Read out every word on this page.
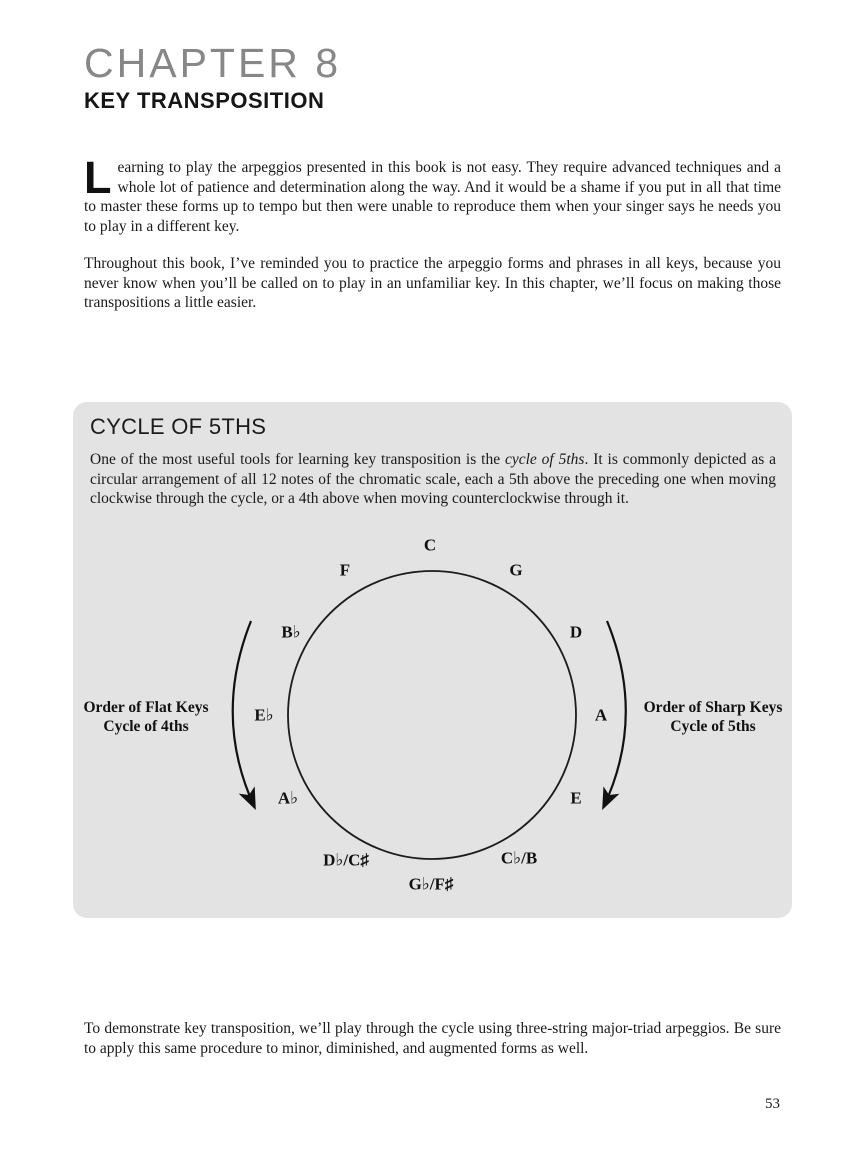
CHAPTER 8
KEY TRANSPOSITION

Learning to play the arpeggios presented in this book is not easy. They require advanced techniques and a whole lot of patience and determination along the way. And it would be a shame if you put in all that time to master these forms up to tempo but then were unable to reproduce them when your singer says he needs you to play in a different key.

Throughout this book, I’ve reminded you to practice the arpeggio forms and phrases in all keys, because you never know when you’ll be called on to play in an unfamiliar key. In this chapter, we’ll focus on making those transpositions a little easier.

CYCLE OF 5THS
One of the most useful tools for learning key transposition is the cycle of 5ths. It is commonly depicted as a circular arrangement of all 12 notes of the chromatic scale, each a 5th above the preceding one when moving clockwise through the cycle, or a 4th above when moving counterclockwise through it.
C
F	G
B♭	D
E♭	A
A♭	E
D♭/C♯	C♭/B
G♭/F♯
Order of Flat Keys
Cycle of 4ths
Order of Sharp Keys
Cycle of 5ths

To demonstrate key transposition, we’ll play through the cycle using three-string major-triad arpeggios. Be sure to apply this same procedure to minor, diminished, and augmented forms as well.

53
